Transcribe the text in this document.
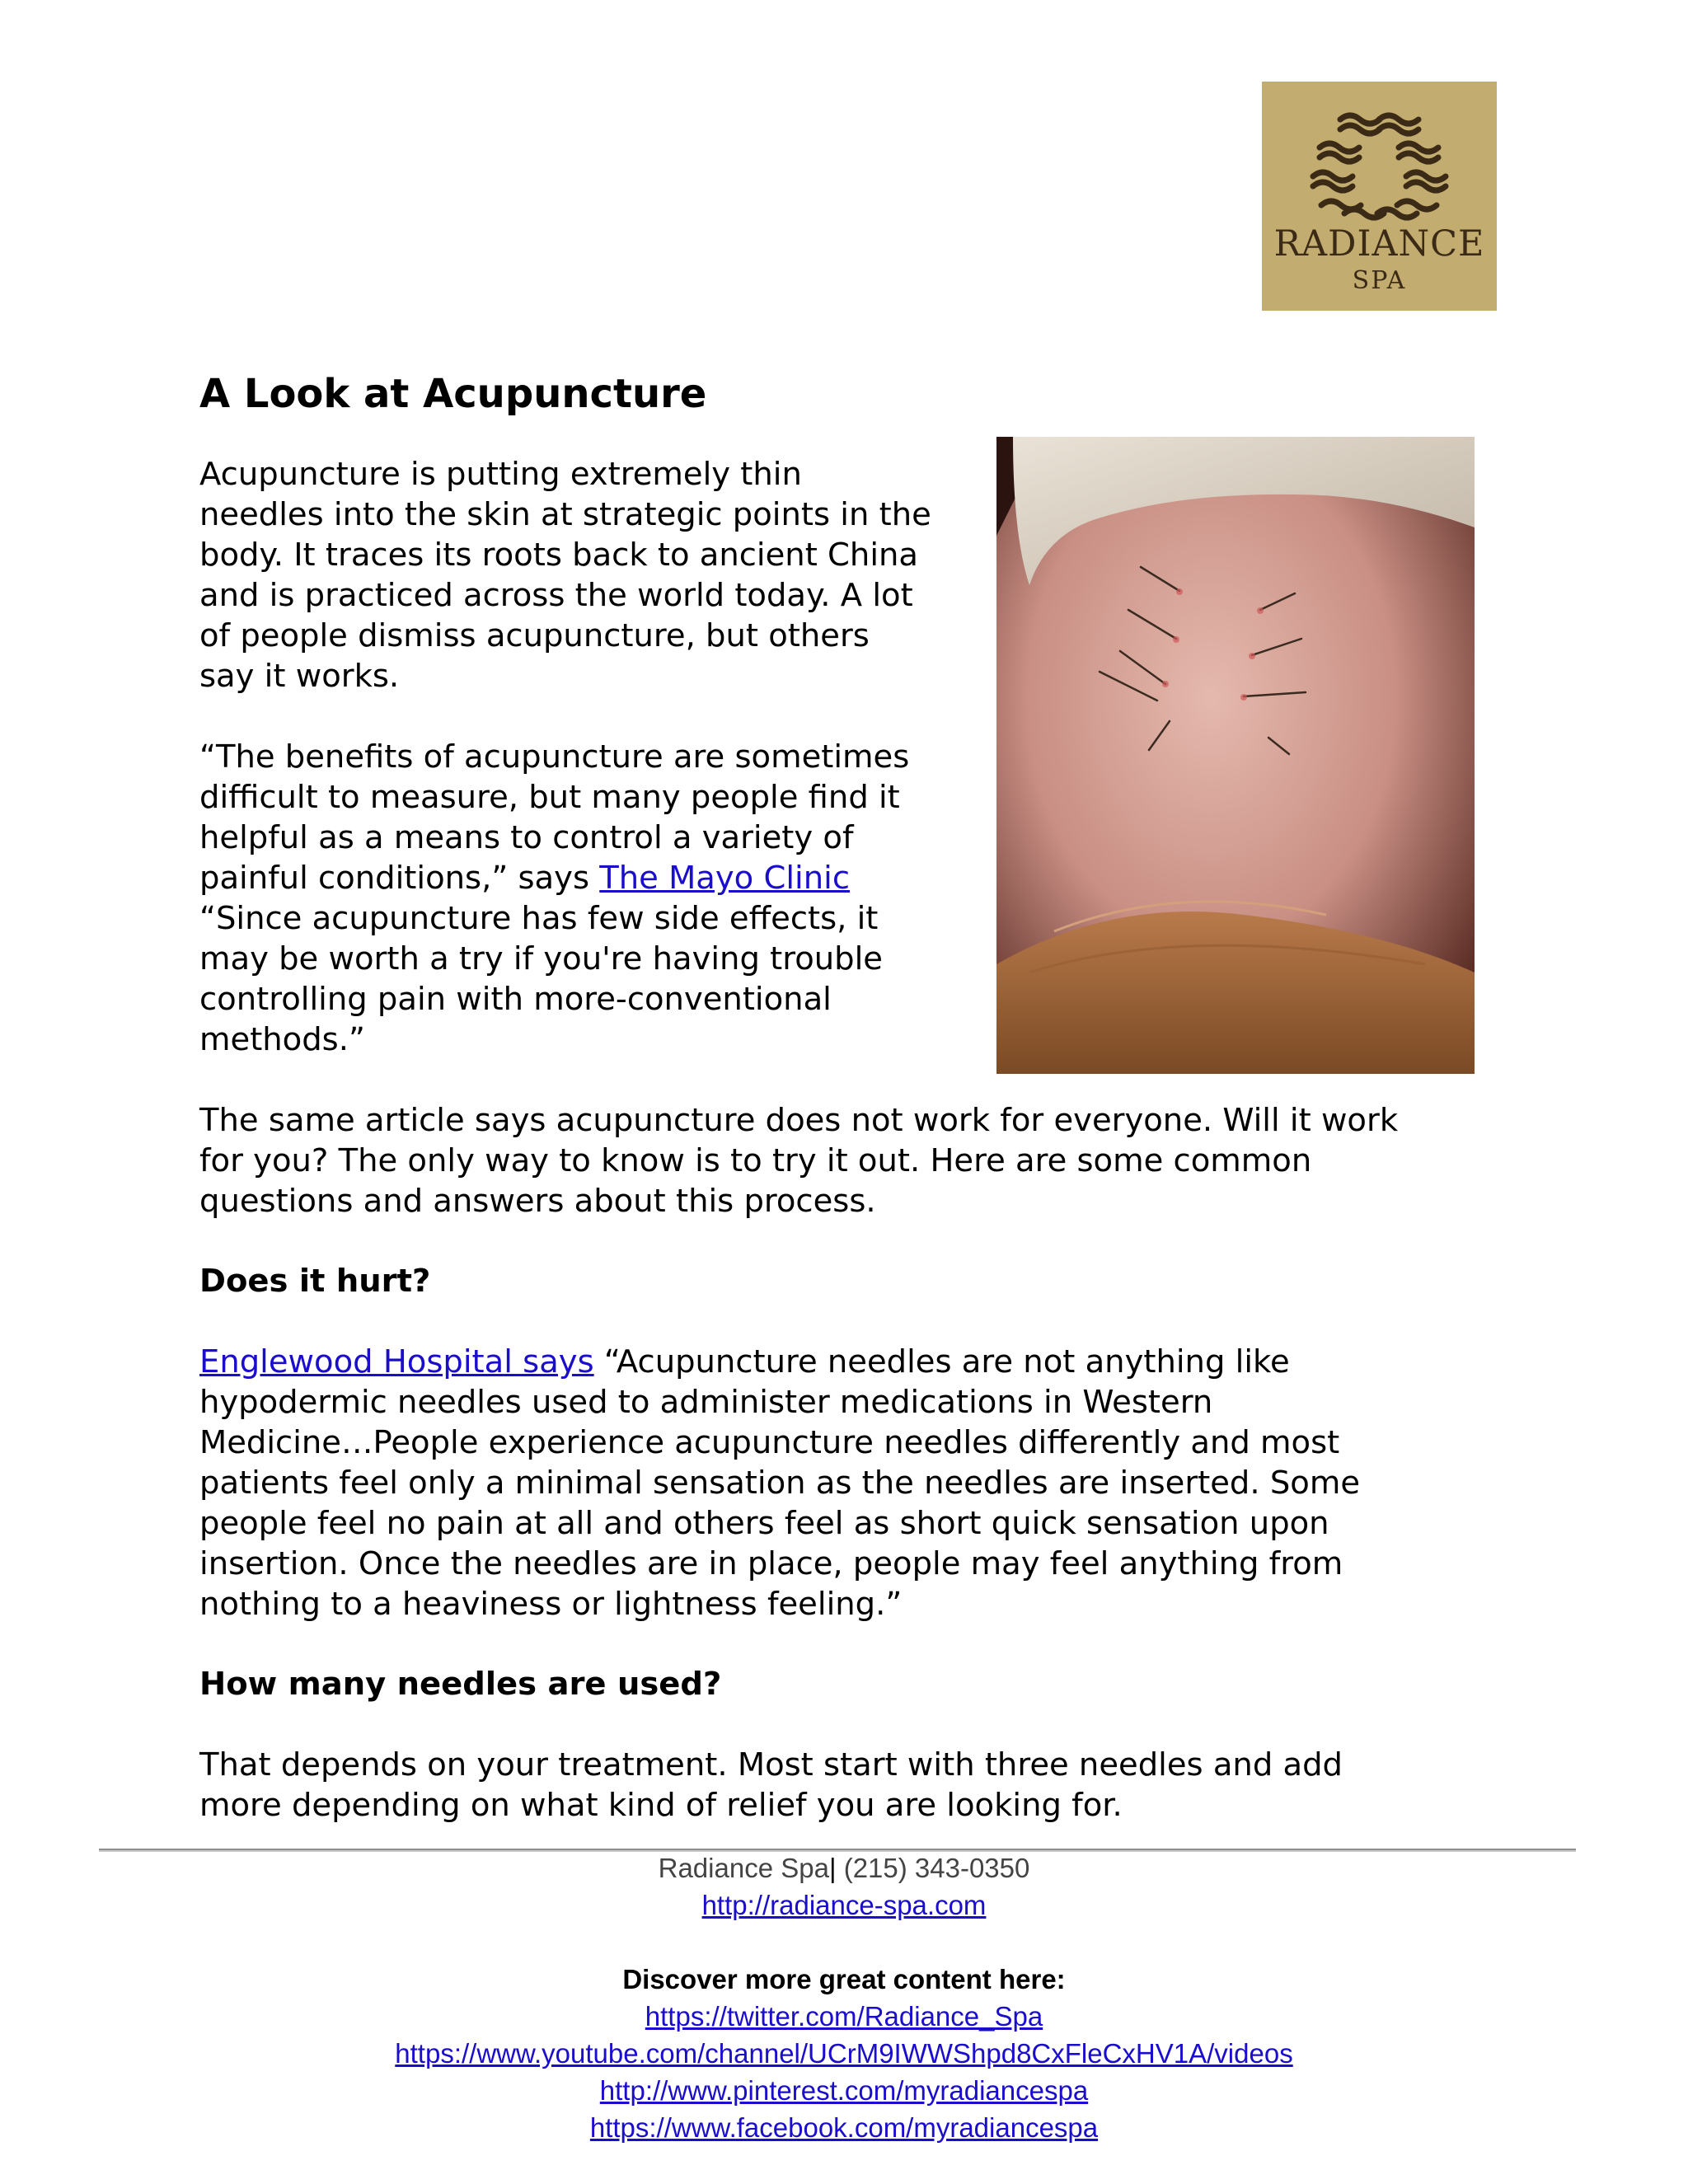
RADIANCE
SPA
A Look at Acupuncture

Acupuncture is putting extremely thin
needles into the skin at strategic points in the
body. It traces its roots back to ancient China
and is practiced across the world today. A lot
of people dismiss acupuncture, but others
say it works.

“The benefits of acupuncture are sometimes
difficult to measure, but many people find it
helpful as a means to control a variety of
painful conditions,” says The Mayo Clinic
“Since acupuncture has few side effects, it
may be worth a try if you're having trouble
controlling pain with more-conventional
methods.”

The same article says acupuncture does not work for everyone. Will it work
for you? The only way to know is to try it out. Here are some common
questions and answers about this process.

Does it hurt?

Englewood Hospital says “Acupuncture needles are not anything like
hypodermic needles used to administer medications in Western
Medicine…People experience acupuncture needles differently and most
patients feel only a minimal sensation as the needles are inserted. Some
people feel no pain at all and others feel as short quick sensation upon
insertion. Once the needles are in place, people may feel anything from
nothing to a heaviness or lightness feeling.”

How many needles are used?

That depends on your treatment. Most start with three needles and add
more depending on what kind of relief you are looking for.

Radiance Spa| (215) 343-0350
http://radiance-spa.com
Discover more great content here:
https://twitter.com/Radiance_Spa
https://www.youtube.com/channel/UCrM9IWWShpd8CxFleCxHV1A/videos
http://www.pinterest.com/myradiancespa
https://www.facebook.com/myradiancespa
